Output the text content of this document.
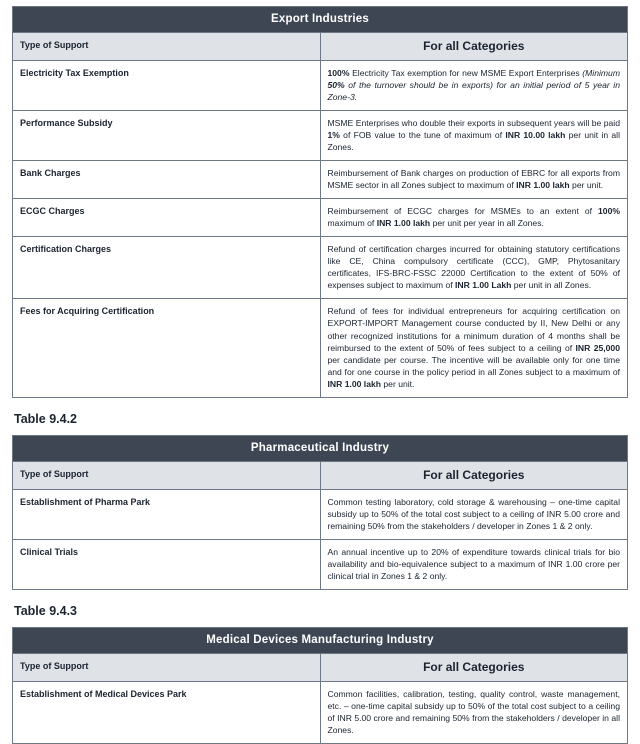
Export Industries	
Type of Support	For all Categories
Electricity Tax Exemption	100% Electricity Tax exemption for new MSME Export Enterprises (Minimum 50% of the turnover should be in exports) for an initial period of 5 year in Zone-3.
Performance Subsidy	MSME Enterprises who double their exports in subsequent years will be paid 1% of FOB value to the tune of maximum of INR 10.00 lakh per unit in all Zones.
Bank Charges	Reimbursement of Bank charges on production of EBRC for all exports from MSME sector in all Zones subject to maximum of INR 1.00 lakh per unit.
ECGC Charges	Reimbursement of ECGC charges for MSMEs to an extent of 100% maximum of INR 1.00 lakh per unit per year in all Zones.
Certification Charges	Refund of certification charges incurred for obtaining statutory certifications like CE, China compulsory certificate (CCC), GMP, Phytosanitary certificates, IFS-BRC-FSSC 22000 Certification to the extent of 50% of expenses subject to maximum of INR 1.00 Lakh per unit in all Zones.
Fees for Acquiring Certification	Refund of fees for individual entrepreneurs for acquiring certification on EXPORT-IMPORT Management course conducted by II, New Delhi or any other recognized institutions for a minimum duration of 4 months shall be reimbursed to the extent of 50% of fees subject to a ceiling of INR 25,000 per candidate per course. The incentive will be available only for one time and for one course in the policy period in all Zones subject to a maximum of INR 1.00 lakh per unit.
Table 9.4.2
Pharmaceutical Industry	
Type of Support	For all Categories
Establishment of Pharma Park	Common testing laboratory, cold storage & warehousing – one-time capital subsidy up to 50% of the total cost subject to a ceiling of INR 5.00 crore and remaining 50% from the stakeholders / developer in Zones 1 & 2 only.
Clinical Trials	An annual incentive up to 20% of expenditure towards clinical trials for bio availability and bio-equivalence subject to a maximum of INR 1.00 crore per clinical trial in Zones 1 & 2 only.
Table 9.4.3
Medical Devices Manufacturing Industry	
Type of Support	For all Categories
Establishment of Medical Devices Park	Common facilities, calibration, testing, quality control, waste management, etc. – one-time capital subsidy up to 50% of the total cost subject to a ceiling of INR 5.00 crore and remaining 50% from the stakeholders / developer in all Zones.
